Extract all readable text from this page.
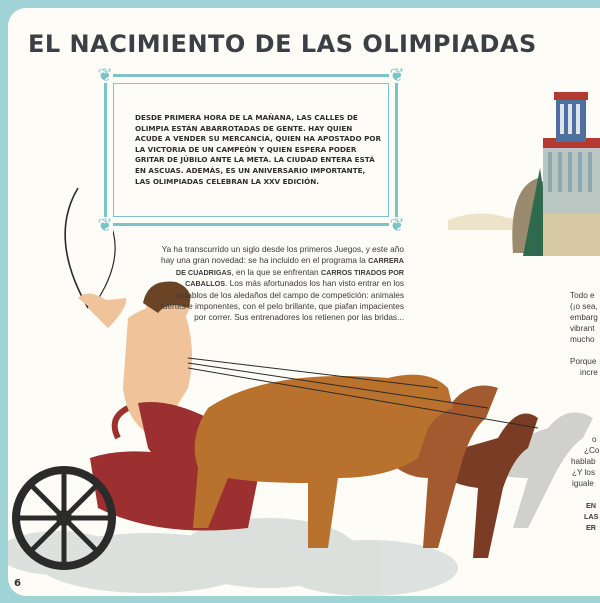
EL NACIMIENTO DE LAS OLIMPIADAS
❦	❦
❦	❦
DESDE PRIMERA HORA DE LA MAÑANA, LAS CALLES DE OLIMPIA ESTÁN ABARROTADAS DE GENTE. HAY QUIEN ACUDE A VENDER SU MERCANCÍA, QUIEN HA APOSTADO POR LA VICTORIA DE UN CAMPEÓN Y QUIEN ESPERA PODER GRITAR DE JÚBILO ANTE LA META. LA CIUDAD ENTERA ESTÁ EN ASCUAS. ADEMÁS, ES UN ANIVERSARIO IMPORTANTE, LAS OLIMPIADAS CELEBRAN LA XXV EDICIÓN.
Ya ha transcurrido un siglo desde los primeros Juegos, y este año hay una gran novedad: se ha incluido en el programa la CARRERA DE CUADRIGAS, en la que se enfrentan CARROS TIRADOS POR CABALLOS. Los más afortunados los han visto entrar en los establos de los aledaños del campo de competición: animales fuertes e imponentes, con el pelo brillante, que piafan impacientes por correr. Sus entrenadores los retienen por las bridas...
Todo e
(¡o sea,
embarg
vibrant
mucho
Porque
incre
o
¿Co
hablab
¿Y los
iguale
EN
LAS
ER
6
